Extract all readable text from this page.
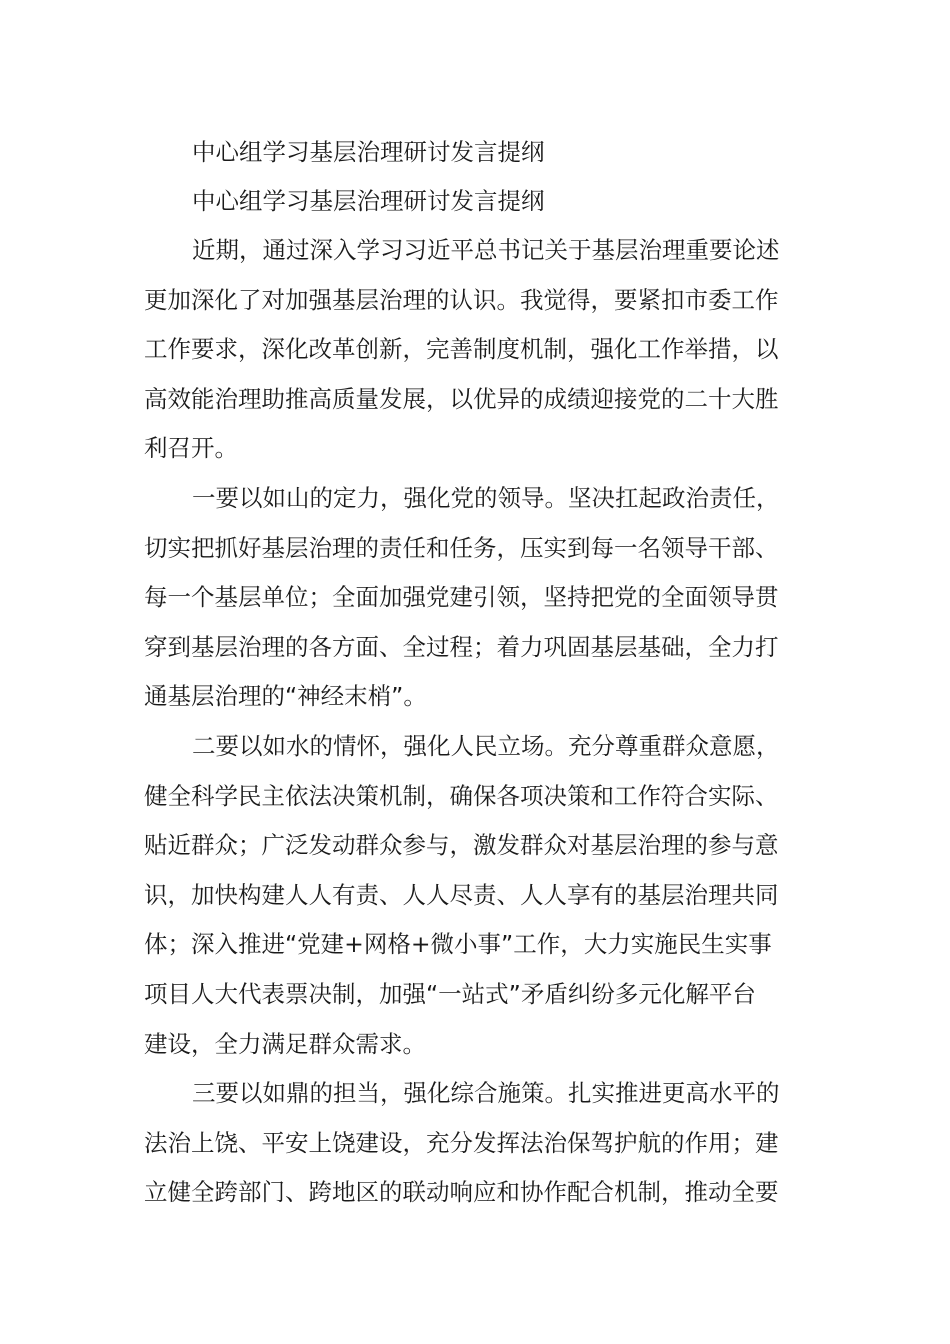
中心组学习基层治理研讨发言提纲
中心组学习基层治理研讨发言提纲
近期，通过深入学习习近平总书记关于基层治理重要论述
更加深化了对加强基层治理的认识。我觉得，要紧扣市委工作
工作要求，深化改革创新，完善制度机制，强化工作举措，以
高效能治理助推高质量发展，以优异的成绩迎接党的二十大胜
利召开。
一要以如山的定力，强化党的领导。坚决扛起政治责任，
切实把抓好基层治理的责任和任务，压实到每一名领导干部、
每一个基层单位；全面加强党建引领，坚持把党的全面领导贯
穿到基层治理的各方面、全过程；着力巩固基层基础，全力打
通基层治理的“神经末梢”。
二要以如水的情怀，强化人民立场。充分尊重群众意愿，
健全科学民主依法决策机制，确保各项决策和工作符合实际、
贴近群众；广泛发动群众参与，激发群众对基层治理的参与意
识，加快构建人人有责、人人尽责、人人享有的基层治理共同
体；深入推进“党建+网格+微小事”工作，大力实施民生实事
项目人大代表票决制，加强“一站式”矛盾纠纷多元化解平台
建设，全力满足群众需求。
三要以如鼎的担当，强化综合施策。扎实推进更高水平的
法治上饶、平安上饶建设，充分发挥法治保驾护航的作用；建
立健全跨部门、跨地区的联动响应和协作配合机制，推动全要
